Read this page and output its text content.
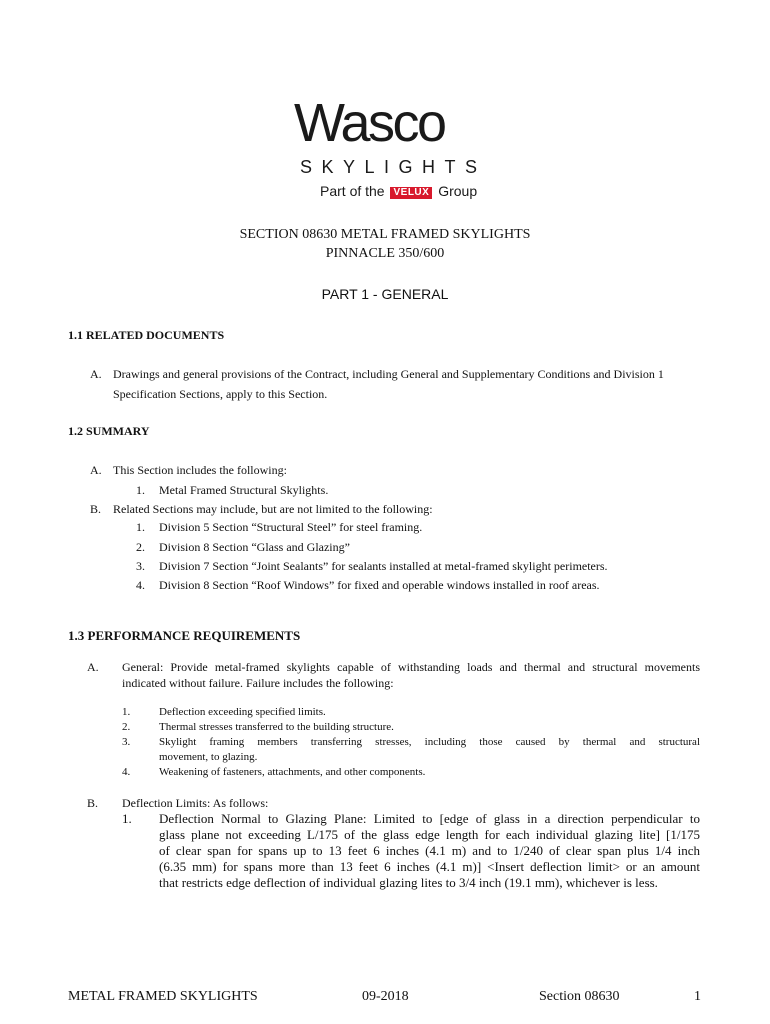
Wasco
SKYLIGHTS
Part of the VELUX Group
SECTION 08630 METAL FRAMED SKYLIGHTS
PINNACLE 350/600
PART 1 - GENERAL
1.1 RELATED DOCUMENTS
A. Drawings and general provisions of the Contract, including General and Supplementary Conditions and Division 1
Specification Sections, apply to this Section.
1.2 SUMMARY
A. This Section includes the following:
1. Metal Framed Structural Skylights.
B. Related Sections may include, but are not limited to the following:
1. Division 5 Section “Structural Steel” for steel framing.
2. Division 8 Section “Glass and Glazing”
3. Division 7 Section “Joint Sealants” for sealants installed at metal-framed skylight perimeters.
4. Division 8 Section “Roof Windows” for fixed and operable windows installed in roof areas.
1.3 PERFORMANCE REQUIREMENTS
A. General: Provide metal-framed skylights capable of withstanding loads and thermal and structural movements
indicated without failure. Failure includes the following:
1.	Deflection exceeding specified limits.
2.	Thermal stresses transferred to the building structure.
3.	Skylight framing members transferring stresses, including those caused by thermal and structural
movement, to glazing.
4.	Weakening of fasteners, attachments, and other components.
B. Deflection Limits: As follows:
1. Deflection Normal to Glazing Plane: Limited to [edge of glass in a direction perpendicular to
glass plane not exceeding L/175 of the glass edge length for each individual glazing lite] [1/175
of clear span for spans up to 13 feet 6 inches (4.1 m) and to 1/240 of clear span plus 1/4 inch
(6.35 mm) for spans more than 13 feet 6 inches (4.1 m)] <Insert deflection limit> or an amount
that restricts edge deflection of individual glazing lites to 3/4 inch (19.1 mm), whichever is less.
METAL FRAMED SKYLIGHTS	09-2018	Section 08630	1
